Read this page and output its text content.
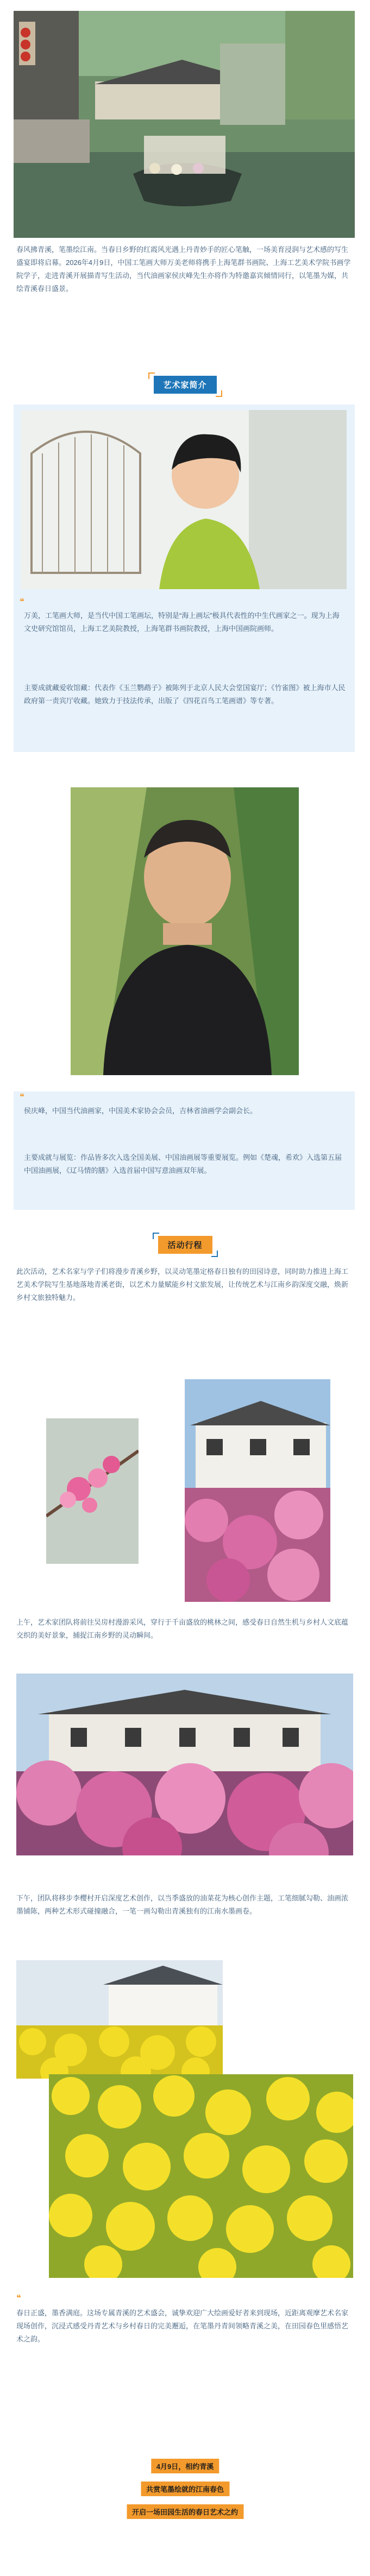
春风拂青溪，笔墨绘江南。当春日乡野的红霞风光遇上丹青妙手的匠心笔触，一场美育浸润与艺术感的写生盛宴即将启幕。2026年4月9日，中国工笔画大师万美老师将携手上海笔群书画院、上海工艺美术学院书画学院学子，走进青溪开展描青写生活动，当代油画家侯庆峰先生亦将作为特邀嘉宾倾情同行，以笔墨为媒，共绘青溪春日盛景。

艺术家简介
❝

万美，工笔画大师，是当代中国工笔画坛，特别是“海上画坛”极具代表性的中生代画家之一。现为上海文史研究馆馆员，上海工艺美院教授，上海笔群书画院教授，上海中国画院画师。

主要成就藏爱收馆藏：代表作《玉兰鹦鹉子》被陈列于北京人民大会堂国宴厅；《竹雀图》被上海市人民政府第一责宾厅收藏。她致力于技法传承，出版了《四花百鸟工笔画谱》等专著。

❝

侯庆峰，中国当代油画家，中国美术家协会会员，吉林省油画学会副会长。

主要成就与展览：作品皆多次入选全国美展、中国油画展等重要展览。例如《楚魂，希欢》入选第五届中国油画展，《辽马情的膳》入选首届中国写意油画双年展。

活动行程

此次活动，艺术名家与学子们将漫步青溪乡野，以灵动笔墨定格春日独有的田园诗意，同时助力推进上海工艺美术学院写生基地落地青溪老街，以艺术力量赋能乡村文旅发展，让传统艺术与江南乡韵深度交融，焕新乡村文旅独特魅力。

上午，艺术家团队将前往吴房村漫游采风，穿行于千亩盛放的桃林之间，感受春日自然生机与乡村人文底蕴交织的美好景象，捕捉江南乡野的灵动瞬间。

下午，团队将移步李樱村开启深度艺术创作，以当季盛放的油菜花为核心创作主题，工笔细腻勾勒、油画浓墨铺陈，两种艺术形式碰撞融合，一笔一画勾勒出青溪独有的江南水墨画卷。

❝

春日正盛，墨香满庭。这场专属青溪的艺术盛会，诚挚欢迎广大绘画爱好者来到现场，近距离观摩艺术名家现场创作，沉浸式感受丹青艺术与乡村春日的完美邂逅，在笔墨丹青间领略青溪之美，在田园春色里感悟艺术之韵。

4月9日，相约青溪
共赏笔墨绘就的江南春色
开启一场田园生活的春日艺术之约
